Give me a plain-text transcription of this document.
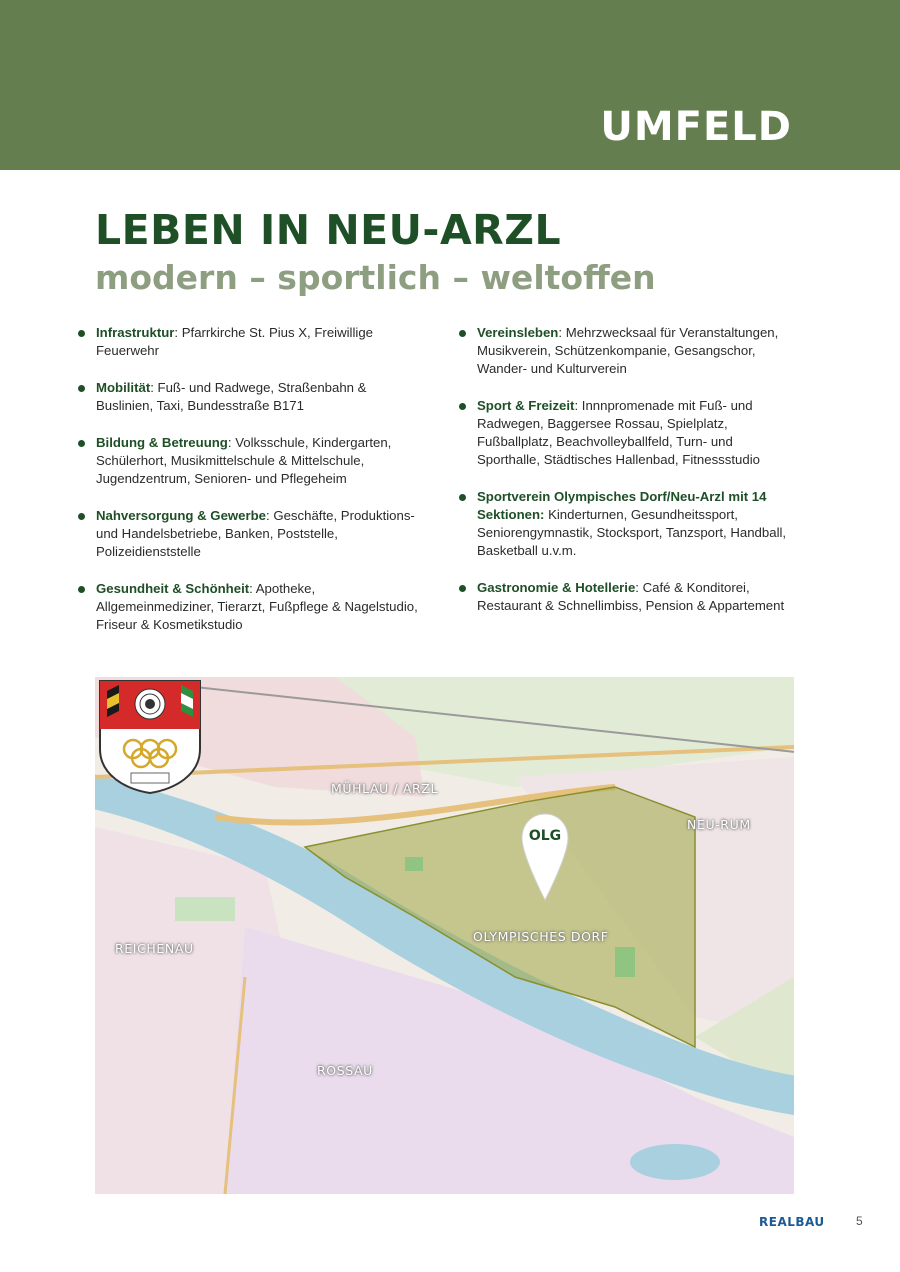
UMFELD
LEBEN IN NEU-ARZL
modern – sportlich – weltoffen
Infrastruktur: Pfarrkirche St. Pius X, Freiwillige Feuerwehr
Mobilität: Fuß- und Radwege, Straßenbahn & Buslinien, Taxi, Bundesstraße B171
Bildung & Betreuung: Volksschule, Kindergarten, Schülerhort, Musikmittelschule & Mittelschule, Jugendzentrum, Senioren- und Pflegeheim
Nahversorgung & Gewerbe: Geschäfte, Produktions- und Handelsbetriebe, Banken, Poststelle, Polizeidienststelle
Gesundheit & Schönheit: Apotheke, Allgemeinmediziner, Tierarzt, Fußpflege & Nagelstudio, Friseur & Kosmetikstudio
Vereinsleben: Mehrzwecksaal für Veranstaltungen, Musikverein, Schützenkompanie, Gesangschor, Wander- und Kulturverein
Sport & Freizeit: Innnpromenade mit Fuß- und Radwegen, Baggersee Rossau, Spielplatz, Fußballplatz, Beachvolleyballfeld, Turn- und Sporthalle, Städtisches Hallenbad, Fitnessstudio
Sportverein Olympisches Dorf/Neu-Arzl mit 14 Sektionen: Kinderturnen, Gesundheitssport, Seniorengymnastik, Stocksport, Tanzsport, Handball, Basketball u.v.m.
Gastronomie & Hotellerie: Café & Konditorei, Restaurant & Schnellimbiss, Pension & Appartement
MÜHLAU / ARZL
NEU-RUM
REICHENAU
OLYMPISCHES DORF
ROSSAU
OLG
REALBAU	5
